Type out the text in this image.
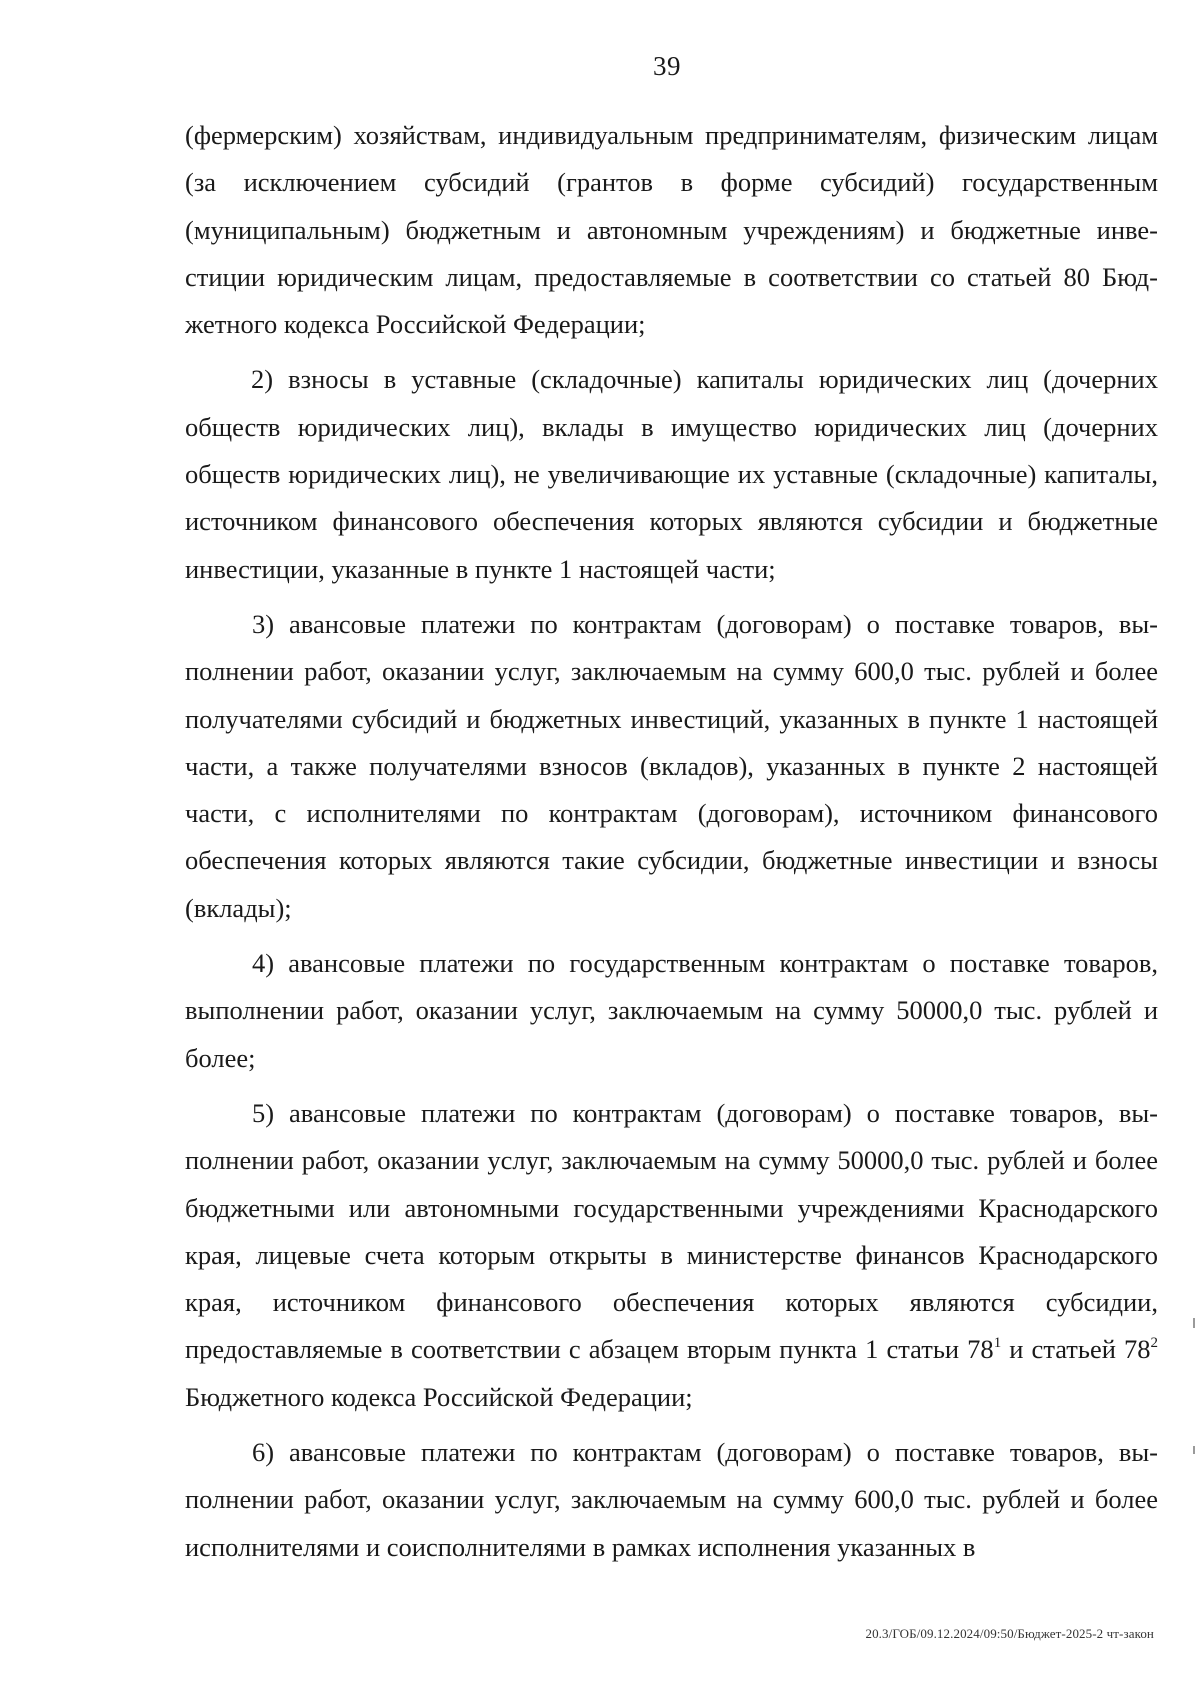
39

(фермерским) хозяйствам, индивидуальным предпринимателям, физическим лицам (за исключением субсидий (грантов в форме субсидий) государственным (муниципальным) бюджетным и автономным учреждениям) и бюджетные инвестиции юридическим лицам, предоставляемые в соответствии со статьей 80 Бюджетного кодекса Российской Федерации;

2) взносы в уставные (складочные) капиталы юридических лиц (дочерних обществ юридических лиц), вклады в имущество юридических лиц (дочерних обществ юридических лиц), не увеличивающие их уставные (складочные) капиталы, источником финансового обеспечения которых являются субсидии и бюджетные инвестиции, указанные в пункте 1 настоящей части;

3) авансовые платежи по контрактам (договорам) о поставке товаров, выполнении работ, оказании услуг, заключаемым на сумму 600,0 тыс. рублей и более получателями субсидий и бюджетных инвестиций, указанных в пункте 1 настоящей части, а также получателями взносов (вкладов), указанных в пункте 2 настоящей части, с исполнителями по контрактам (договорам), источником финансового обеспечения которых являются такие субсидии, бюджетные инвестиции и взносы (вклады);

4) авансовые платежи по государственным контрактам о поставке товаров, выполнении работ, оказании услуг, заключаемым на сумму 50000,0 тыс. рублей и более;

5) авансовые платежи по контрактам (договорам) о поставке товаров, выполнении работ, оказании услуг, заключаемым на сумму 50000,0 тыс. рублей и более бюджетными или автономными государственными учреждениями Краснодарского края, лицевые счета которым открыты в министерстве финансов Краснодарского края, источником финансового обеспечения которых являются субсидии, предоставляемые в соответствии с абзацем вторым пункта 1 статьи $78^1$ и статьей $78^2$ Бюджетного кодекса Российской Федерации;

6) авансовые платежи по контрактам (договорам) о поставке товаров, выполнении работ, оказании услуг, заключаемым на сумму 600,0 тыс. рублей и более исполнителями и соисполнителями в рамках исполнения указанных в

20.3/ГОБ/09.12.2024/09:50/Бюджет-2025-2 чт-закон
